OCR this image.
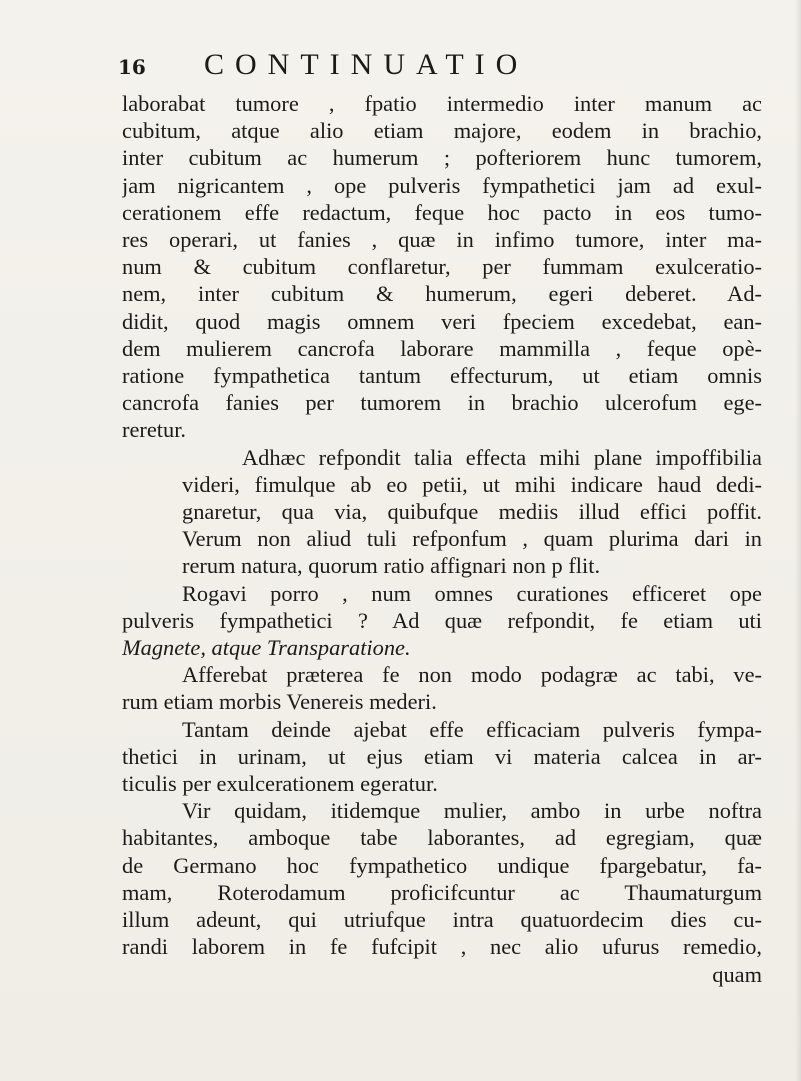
16	CONTINUATIO

laborabat tumore , fpatio intermedio inter manum ac
cubitum, atque alio etiam majore, eodem in brachio,
inter cubitum ac humerum ; pofteriorem hunc tumorem,
jam nigricantem , ope pulveris fympathetici jam ad exul-
cerationem effe redactum, feque hoc pacto in eos tumo-
res operari, ut fanies , quæ in infimo tumore, inter ma-
num & cubitum conflaretur, per fummam exulceratio-
nem, inter cubitum & humerum, egeri deberet. Ad-
didit, quod magis omnem veri fpeciem excedebat, ean-
dem mulierem cancrofa laborare mammilla , feque opè-
ratione fympathetica tantum effecturum, ut etiam omnis
cancrofa fanies per tumorem in brachio ulcerofum ege-
reretur.

Adhæc refpondit talia effecta mihi plane impoffibilia
videri, fimulque ab eo petii, ut mihi indicare haud dedi-
gnaretur, qua via, quibufque mediis illud effici poffit.
Verum non aliud tuli refponfum , quam plurima dari in
rerum natura, quorum ratio affignari non p flit.

Rogavi porro , num omnes curationes efficeret ope
pulveris fympathetici ? Ad quæ refpondit, fe etiam uti
Magnete, atque Transparatione.

Afferebat præterea fe non modo podagræ ac tabi, ve-
rum etiam morbis Venereis mederi.

Tantam deinde ajebat effe efficaciam pulveris fympa-
thetici in urinam, ut ejus etiam vi materia calcea in ar-
ticulis per exulcerationem egeratur.

Vir quidam, itidemque mulier, ambo in urbe noftra
habitantes, amboque tabe laborantes, ad egregiam, quæ
de Germano hoc fympathetico undique fpargebatur, fa-
mam, Roterodamum proficifcuntur ac Thaumaturgum
illum adeunt, qui utriufque intra quatuordecim dies cu-
randi laborem in fe fufcipit , nec alio ufurus remedio,

quam
